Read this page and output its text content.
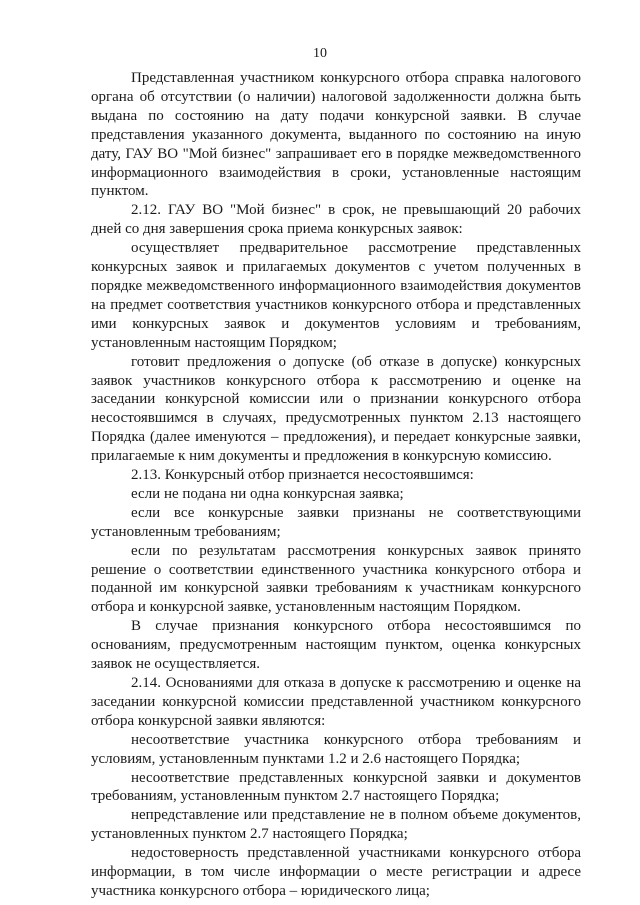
10

Представленная участником конкурсного отбора справка налогового органа об отсутствии (о наличии) налоговой задолженности должна быть выдана по состоянию на дату подачи конкурсной заявки. В случае представления указанного документа, выданного по состоянию на иную дату, ГАУ ВО "Мой бизнес" запрашивает его в порядке межведомственного информационного взаимодействия в сроки, установленные настоящим пунктом.

2.12. ГАУ ВО "Мой бизнес" в срок, не превышающий 20 рабочих дней со дня завершения срока приема конкурсных заявок:

осуществляет предварительное рассмотрение представленных конкурсных заявок и прилагаемых документов с учетом полученных в порядке межведомственного информационного взаимодействия документов на предмет соответствия участников конкурсного отбора и представленных ими конкурсных заявок и документов условиям и требованиям, установленным настоящим Порядком;

готовит предложения о допуске (об отказе в допуске) конкурсных заявок участников конкурсного отбора к рассмотрению и оценке на заседании конкурсной комиссии или о признании конкурсного отбора несостоявшимся в случаях, предусмотренных пунктом 2.13 настоящего Порядка (далее именуются – предложения), и передает конкурсные заявки, прилагаемые к ним документы и предложения в конкурсную комиссию.

2.13. Конкурсный отбор признается несостоявшимся:

если не подана ни одна конкурсная заявка;

если все конкурсные заявки признаны не соответствующими установленным требованиям;

если по результатам рассмотрения конкурсных заявок принято решение о соответствии единственного участника конкурсного отбора и поданной им конкурсной заявки требованиям к участникам конкурсного отбора и конкурсной заявке, установленным настоящим Порядком.

В случае признания конкурсного отбора несостоявшимся по основаниям, предусмотренным настоящим пунктом, оценка конкурсных заявок не осуществляется.

2.14. Основаниями для отказа в допуске к рассмотрению и оценке на заседании конкурсной комиссии представленной участником конкурсного отбора конкурсной заявки являются:

несоответствие участника конкурсного отбора требованиям и условиям, установленным пунктами 1.2 и 2.6 настоящего Порядка;

несоответствие представленных конкурсной заявки и документов требованиям, установленным пунктом 2.7 настоящего Порядка;

непредставление или представление не в полном объеме документов, установленных пунктом 2.7 настоящего Порядка;

недостоверность представленной участниками конкурсного отбора информации, в том числе информации о месте регистрации и адресе участника конкурсного отбора – юридического лица;
